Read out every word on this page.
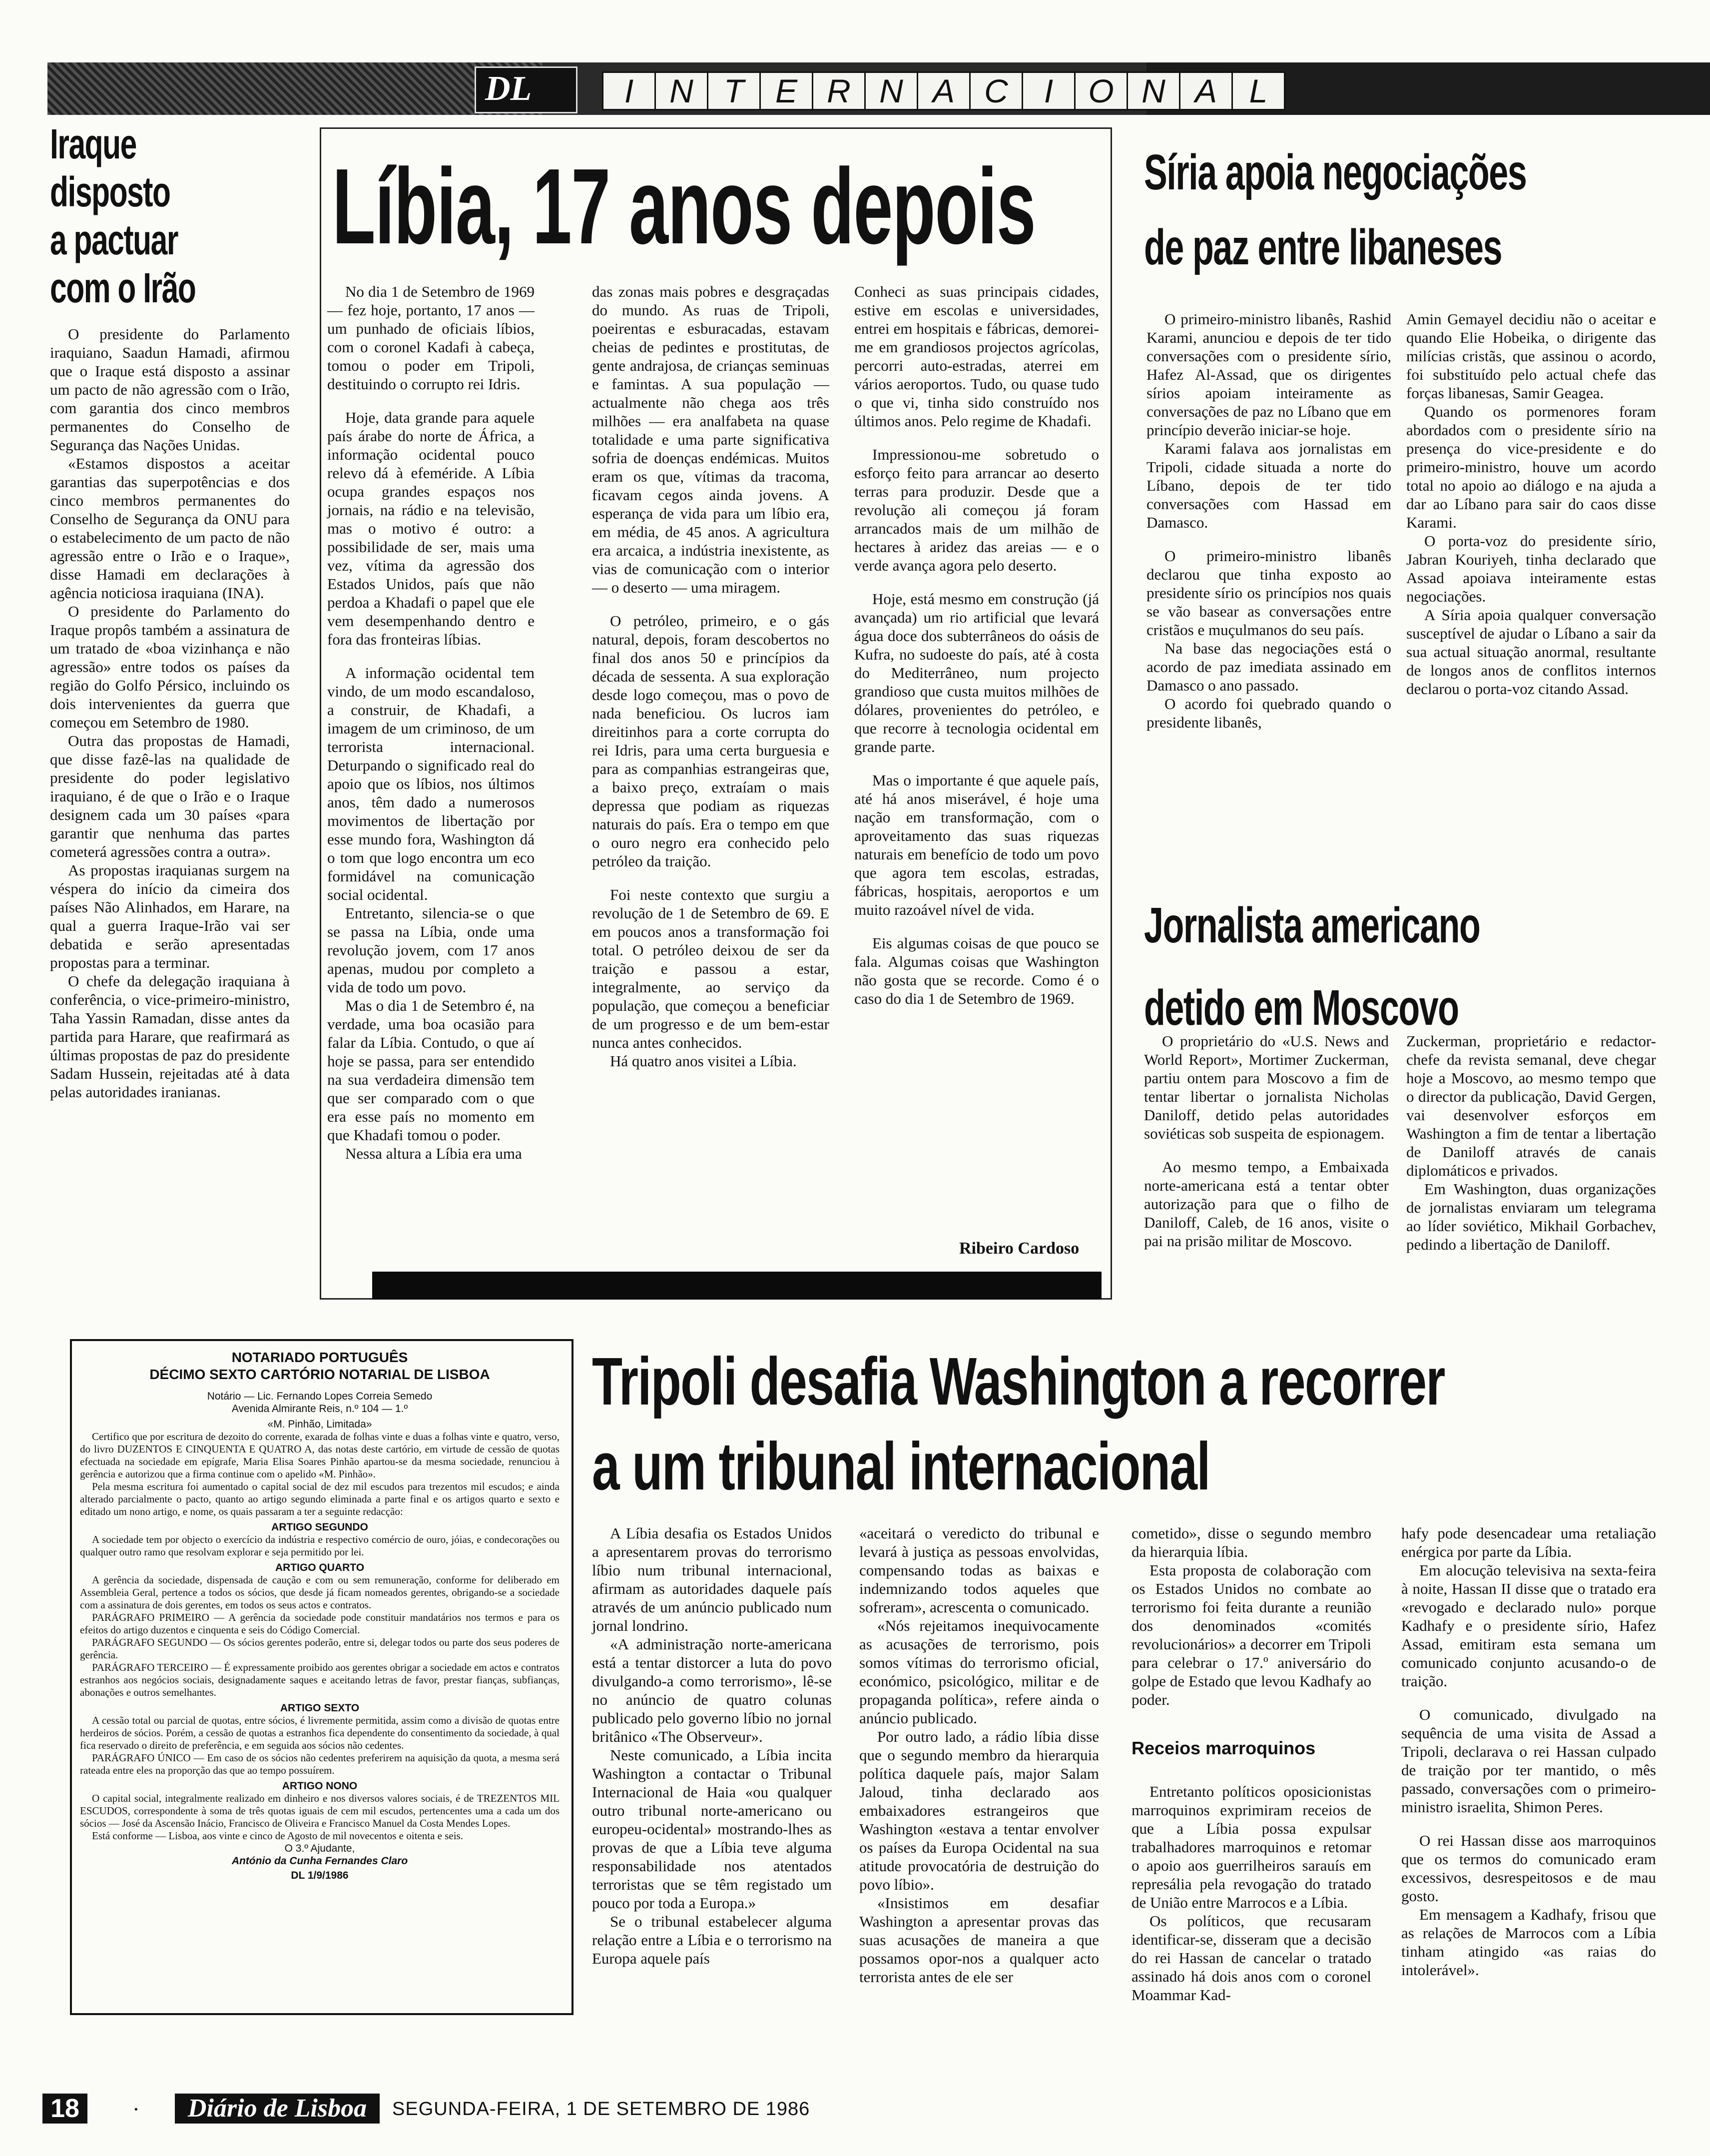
DL	I	N T E R N A C	I	O N A L
Iraque
disposto
a pactuar
com o Irão

O presidente do Parlamento iraquiano, Saadun Hamadi, afirmou que o Iraque está disposto a assinar um pacto de não agressão com o Irão, com garantia dos cinco membros permanentes do Conselho de Segurança das Nações Unidas.

«Estamos dispostos a aceitar garantias das superpotências e dos cinco membros permanentes do Conselho de Segurança da ONU para o estabelecimento de um pacto de não agressão entre o Irão e o Iraque», disse Hamadi em declarações à agência noticiosa iraquiana (INA).

O presidente do Parlamento do Iraque propôs também a assinatura de um tratado de «boa vizinhança e não agressão» entre todos os países da região do Golfo Pérsico, incluindo os dois intervenientes da guerra que começou em Setembro de 1980.

Outra das propostas de Hamadi, que disse fazê-las na qualidade de presidente do poder legislativo iraquiano, é de que o Irão e o Iraque designem cada um 30 países «para garantir que nenhuma das partes cometerá agressões contra a outra».

As propostas iraquianas surgem na véspera do início da cimeira dos países Não Alinhados, em Harare, na qual a guerra Iraque-Irão vai ser debatida e serão apresentadas propostas para a terminar.

O chefe da delegação iraquiana à conferência, o vice-primeiro-ministro, Taha Yassin Ramadan, disse antes da partida para Harare, que reafirmará as últimas propostas de paz do presidente Sadam Hussein, rejeitadas até à data pelas autoridades iranianas.

Líbia, 17 anos depois

No dia 1 de Setembro de 1969 — fez hoje, portanto, 17 anos — um punhado de oficiais líbios, com o coronel Kadafi à cabeça, tomou o poder em Tripoli, destituindo o corrupto rei Idris.

Hoje, data grande para aquele país árabe do norte de África, a informação ocidental pouco relevo dá à efeméride. A Líbia ocupa grandes espaços nos jornais, na rádio e na televisão, mas o motivo é outro: a possibilidade de ser, mais uma vez, vítima da agressão dos Estados Unidos, país que não perdoa a Khadafi o papel que ele vem desempenhando dentro e fora das fronteiras líbias.

A informação ocidental tem vindo, de um modo escandaloso, a construir, de Khadafi, a imagem de um criminoso, de um terrorista internacional. Deturpando o significado real do apoio que os líbios, nos últimos anos, têm dado a numerosos movimentos de libertação por esse mundo fora, Washington dá o tom que logo encontra um eco formidável na comunicação social ocidental.

Entretanto, silencia-se o que se passa na Líbia, onde uma revolução jovem, com 17 anos apenas, mudou por completo a vida de todo um povo.

Mas o dia 1 de Setembro é, na verdade, uma boa ocasião para falar da Líbia. Contudo, o que aí hoje se passa, para ser entendido na sua verdadeira dimensão tem que ser comparado com o que era esse país no momento em que Khadafi tomou o poder.

Nessa altura a Líbia era uma

das zonas mais pobres e desgraçadas do mundo. As ruas de Tripoli, poeirentas e esburacadas, estavam cheias de pedintes e prostitutas, de gente andrajosa, de crianças seminuas e famintas. A sua população — actualmente não chega aos três milhões — era analfabeta na quase totalidade e uma parte significativa sofria de doenças endémicas. Muitos eram os que, vítimas da tracoma, ficavam cegos ainda jovens. A esperança de vida para um líbio era, em média, de 45 anos. A agricultura era arcaica, a indústria inexistente, as vias de comunicação com o interior — o deserto — uma miragem.

O petróleo, primeiro, e o gás natural, depois, foram descobertos no final dos anos 50 e princípios da década de sessenta. A sua exploração desde logo começou, mas o povo de nada beneficiou. Os lucros iam direitinhos para a corte corrupta do rei Idris, para uma certa burguesia e para as companhias estrangeiras que, a baixo preço, extraíam o mais depressa que podiam as riquezas naturais do país. Era o tempo em que o ouro negro era conhecido pelo petróleo da traição.

Foi neste contexto que surgiu a revolução de 1 de Setembro de 69. E em poucos anos a transformação foi total. O petróleo deixou de ser da traição e passou a estar, integralmente, ao serviço da população, que começou a beneficiar de um progresso e de um bem-estar nunca antes conhecidos.

Há quatro anos visitei a Líbia.

Conheci as suas principais cidades, estive em escolas e universidades, entrei em hospitais e fábricas, demorei-me em grandiosos projectos agrícolas, percorri auto-estradas, aterrei em vários aeroportos. Tudo, ou quase tudo o que vi, tinha sido construído nos últimos anos. Pelo regime de Khadafi.

Impressionou-me sobretudo o esforço feito para arrancar ao deserto terras para produzir. Desde que a revolução ali começou já foram arrancados mais de um milhão de hectares à aridez das areias — e o verde avança agora pelo deserto.

Hoje, está mesmo em construção (já avançada) um rio artificial que levará água doce dos subterrâneos do oásis de Kufra, no sudoeste do país, até à costa do Mediterrâneo, num projecto grandioso que custa muitos milhões de dólares, provenientes do petróleo, e que recorre à tecnologia ocidental em grande parte.

Mas o importante é que aquele país, até há anos miserável, é hoje uma nação em transformação, com o aproveitamento das suas riquezas naturais em benefício de todo um povo que agora tem escolas, estradas, fábricas, hospitais, aeroportos e um muito razoável nível de vida.

Eis algumas coisas de que pouco se fala. Algumas coisas que Washington não gosta que se recorde. Como é o caso do dia 1 de Setembro de 1969.

Ribeiro Cardoso
Síria apoia negociações
de paz entre libaneses

O primeiro-ministro libanês, Rashid Karami, anunciou e depois de ter tido conversações com o presidente sírio, Hafez Al-Assad, que os dirigentes sírios apoiam inteiramente as conversações de paz no Líbano que em princípio deverão iniciar-se hoje.

Karami falava aos jornalistas em Tripoli, cidade situada a norte do Líbano, depois de ter tido conversações com Hassad em Damasco.

O primeiro-ministro libanês declarou que tinha exposto ao presidente sírio os princípios nos quais se vão basear as conversações entre cristãos e muçulmanos do seu país.

Na base das negociações está o acordo de paz imediata assinado em Damasco o ano passado.

O acordo foi quebrado quando o presidente libanês,

Amin Gemayel decidiu não o aceitar e quando Elie Hobeika, o dirigente das milícias cristãs, que assinou o acordo, foi substituído pelo actual chefe das forças libanesas, Samir Geagea.

Quando os pormenores foram abordados com o presidente sírio na presença do vice-presidente e do primeiro-ministro, houve um acordo total no apoio ao diálogo e na ajuda a dar ao Líbano para sair do caos disse Karami.

O porta-voz do presidente sírio, Jabran Kouriyeh, tinha declarado que Assad apoiava inteiramente estas negociações.

A Síria apoia qualquer conversação susceptível de ajudar o Líbano a sair da sua actual situação anormal, resultante de longos anos de conflitos internos declarou o porta-voz citando Assad.

Jornalista americano
detido em Moscovo

O proprietário do «U.S. News and World Report», Mortimer Zuckerman, partiu ontem para Moscovo a fim de tentar libertar o jornalista Nicholas Daniloff, detido pelas autoridades soviéticas sob suspeita de espionagem.

Ao mesmo tempo, a Embaixada norte-americana está a tentar obter autorização para que o filho de Daniloff, Caleb, de 16 anos, visite o pai na prisão militar de Moscovo.

Zuckerman, proprietário e redactor-chefe da revista semanal, deve chegar hoje a Moscovo, ao mesmo tempo que o director da publicação, David Gergen, vai desenvolver esforços em Washington a fim de tentar a libertação de Daniloff através de canais diplomáticos e privados.

Em Washington, duas organizações de jornalistas enviaram um telegrama ao líder soviético, Mikhail Gorbachev, pedindo a libertação de Daniloff.

NOTARIADO PORTUGUÊS
DÉCIMO SEXTO CARTÓRIO NOTARIAL DE LISBOA
Notário — Lic. Fernando Lopes Correia Semedo
Avenida Almirante Reis, n.º 104 — 1.º
«M. Pinhão, Limitada»

Certifico que por escritura de dezoito do corrente, exarada de folhas vinte e duas a folhas vinte e quatro, verso, do livro DUZENTOS E CINQUENTA E QUATRO A, das notas deste cartório, em virtude de cessão de quotas efectuada na sociedade em epígrafe, Maria Elisa Soares Pinhão apartou-se da mesma sociedade, renunciou à gerência e autorizou que a firma continue com o apelido «M. Pinhão».

Pela mesma escritura foi aumentado o capital social de dez mil escudos para trezentos mil escudos; e ainda alterado parcialmente o pacto, quanto ao artigo segundo eliminada a parte final e os artigos quarto e sexto e editado um nono artigo, e nome, os quais passaram a ter a seguinte redacção:

ARTIGO SEGUNDO

A sociedade tem por objecto o exercício da indústria e respectivo comércio de ouro, jóias, e condecorações ou qualquer outro ramo que resolvam explorar e seja permitido por lei.

ARTIGO QUARTO

A gerência da sociedade, dispensada de caução e com ou sem remuneração, conforme for deliberado em Assembleia Geral, pertence a todos os sócios, que desde já ficam nomeados gerentes, obrigando-se a sociedade com a assinatura de dois gerentes, em todos os seus actos e contratos.

PARÁGRAFO PRIMEIRO — A gerência da sociedade pode constituir mandatários nos termos e para os efeitos do artigo duzentos e cinquenta e seis do Código Comercial.

PARÁGRAFO SEGUNDO — Os sócios gerentes poderão, entre si, delegar todos ou parte dos seus poderes de gerência.

PARÁGRAFO TERCEIRO — É expressamente proibido aos gerentes obrigar a sociedade em actos e contratos estranhos aos negócios sociais, designadamente saques e aceitando letras de favor, prestar fianças, subfianças, abonações e outros semelhantes.

ARTIGO SEXTO

A cessão total ou parcial de quotas, entre sócios, é livremente permitida, assim como a divisão de quotas entre herdeiros de sócios. Porém, a cessão de quotas a estranhos fica dependente do consentimento da sociedade, à qual fica reservado o direito de preferência, e em seguida aos sócios não cedentes.

PARÁGRAFO ÚNICO — Em caso de os sócios não cedentes preferirem na aquisição da quota, a mesma será rateada entre eles na proporção das que ao tempo possuírem.

ARTIGO NONO

O capital social, integralmente realizado em dinheiro e nos diversos valores sociais, é de TREZENTOS MIL ESCUDOS, correspondente à soma de três quotas iguais de cem mil escudos, pertencentes uma a cada um dos sócios — José da Ascensão Inácio, Francisco de Oliveira e Francisco Manuel da Costa Mendes Lopes.

Está conforme — Lisboa, aos vinte e cinco de Agosto de mil novecentos e oitenta e seis.

O 3.º Ajudante,
António da Cunha Fernandes Claro
DL 1/9/1986
Tripoli desafia Washington a recorrer
a um tribunal internacional

A Líbia desafia os Estados Unidos a apresentarem provas do terrorismo líbio num tribunal internacional, afirmam as autoridades daquele país através de um anúncio publicado num jornal londrino.

«A administração norte-americana está a tentar distorcer a luta do povo divulgando-a como terrorismo», lê-se no anúncio de quatro colunas publicado pelo governo líbio no jornal britânico «The Observeur».

Neste comunicado, a Líbia incita Washington a contactar o Tribunal Internacional de Haia «ou qualquer outro tribunal norte-americano ou europeu-ocidental» mostrando-lhes as provas de que a Líbia teve alguma responsabilidade nos atentados terroristas que se têm registado um pouco por toda a Europa.»

Se o tribunal estabelecer alguma relação entre a Líbia e o terrorismo na Europa aquele país

«aceitará o veredicto do tribunal e levará à justiça as pessoas envolvidas, compensando todas as baixas e indemnizando todos aqueles que sofreram», acrescenta o comunicado.

«Nós rejeitamos inequivocamente as acusações de terrorismo, pois somos vítimas do terrorismo oficial, económico, psicológico, militar e de propaganda política», refere ainda o anúncio publicado.

Por outro lado, a rádio líbia disse que o segundo membro da hierarquia política daquele país, major Salam Jaloud, tinha declarado aos embaixadores estrangeiros que Washington «estava a tentar envolver os países da Europa Ocidental na sua atitude provocatória de destruição do povo líbio».

«Insistimos em desafiar Washington a apresentar provas das suas acusações de maneira a que possamos opor-nos a qualquer acto terrorista antes de ele ser

cometido», disse o segundo membro da hierarquia líbia.

Esta proposta de colaboração com os Estados Unidos no combate ao terrorismo foi feita durante a reunião dos denominados «comités revolucionários» a decorrer em Tripoli para celebrar o 17.º aniversário do golpe de Estado que levou Kadhafy ao poder.

Receios marroquinos

Entretanto políticos oposicionistas marroquinos exprimiram receios de que a Líbia possa expulsar trabalhadores marroquinos e retomar o apoio aos guerrilheiros sarauís em represália pela revogação do tratado de União entre Marrocos e a Líbia.

Os políticos, que recusaram identificar-se, disseram que a decisão do rei Hassan de cancelar o tratado assinado há dois anos com o coronel Moammar Kad-

hafy pode desencadear uma retaliação enérgica por parte da Líbia.

Em alocução televisiva na sexta-feira à noite, Hassan II disse que o tratado era «revogado e declarado nulo» porque Kadhafy e o presidente sírio, Hafez Assad, emitiram esta semana um comunicado conjunto acusando-o de traição.

O comunicado, divulgado na sequência de uma visita de Assad a Tripoli, declarava o rei Hassan culpado de traição por ter mantido, o mês passado, conversações com o primeiro-ministro israelita, Shimon Peres.

O rei Hassan disse aos marroquinos que os termos do comunicado eram excessivos, desrespeitosos e de mau gosto.

Em mensagem a Kadhafy, frisou que as relações de Marrocos com a Líbia tinham atingido «as raias do intolerável».

18	·	Diário de Lisboa	SEGUNDA-FEIRA, 1 DE SETEMBRO DE 1986
